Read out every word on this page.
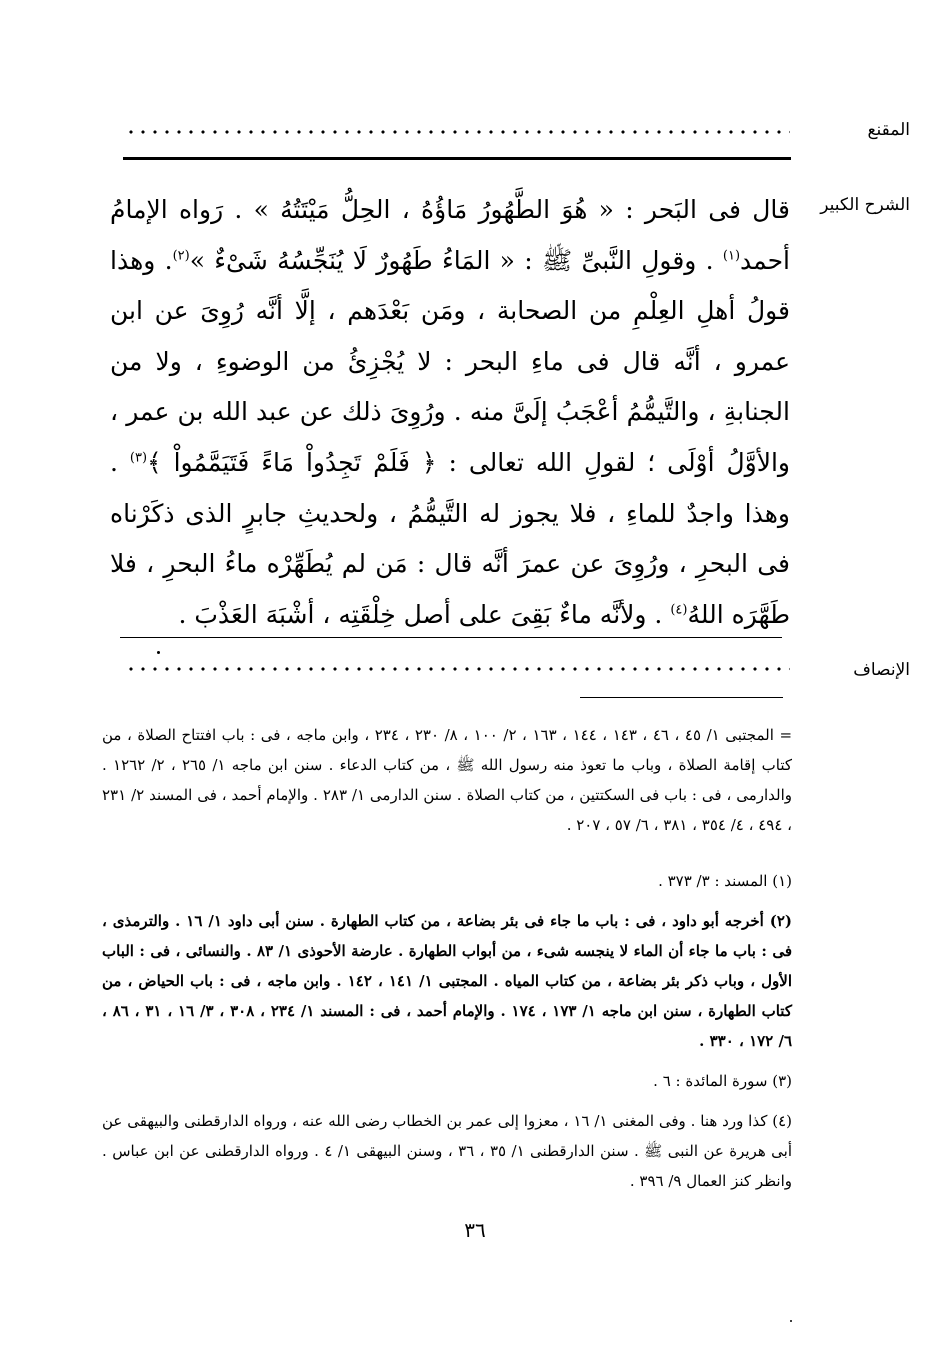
المقنع
الشرح الكبير

قال فى البَحر : « هُوَ الطَّهُورُ مَاؤُهُ ، الحِلُّ مَيْتَتُهُ » . رَواه الإمامُ أحمد$^{(١)}$ . وقولِ النَّبىِّ ﷺ : « المَاءُ طَهُورٌ لَا يُنَجِّسُهُ شَىْءٌ »$^{(٢)}$. وهذا قولُ أهلِ العِلْمِ من الصحابة ، ومَن بَعْدَهم ، إلَّا أنَّه رُوِىَ عن ابن عمرو ، أنَّه قال فى ماءِ البحر : لا يُجْزِئُ من الوضوءِ ، ولا من الجنابةِ ، والتَّيمُّمُ أعْجَبُ إلَىَّ منه . ورُوِىَ ذلك عن عبد الله بن عمر ، والأوَّلُ أوْلَى ؛ لقولِ الله تعالى : ﴿ فَلَمْ تَجِدُواْ مَاءً فَتَيَمَّمُواْ ﴾$^{(٣)}$ . وهذا واجدٌ للماءِ ، فلا يجوز له التَّيمُّمُ ، ولحديثِ جابرٍ الذى ذكَرْناه فى البحرِ ، ورُوِىَ عن عمرَ أنَّه قال : مَن لم يُطَهِّرْه ماءُ البحرِ ، فلا طَهَّرَه اللهُ$^{(٤)}$ . ولأنَّه ماءٌ بَقِىَ على أصل خِلْقَتِه ، أشْبَهَ العَذْبَ .

الإنصاف

= المجتبى ١/ ٤٥ ، ٤٦ ، ١٤٣ ، ١٤٤ ، ١٦٣ ، ٢/ ١٠٠ ، ٨/ ٢٣٠ ، ٢٣٤ ، وابن ماجه ، فى : باب افتتاح الصلاة ، من كتاب إقامة الصلاة ، وباب ما تعوذ منه رسول الله ﷺ ، من كتاب الدعاء . سنن ابن ماجه ١/ ٢٦٥ ، ٢/ ١٢٦٢ . والدارمى ، فى : باب فى السكتتين ، من كتاب الصلاة . سنن الدارمى ١/ ٢٨٣ . والإمام أحمد ، فى المسند ٢/ ٢٣١ ، ٤٩٤ ، ٤/ ٣٥٤ ، ٣٨١ ، ٦/ ٥٧ ، ٢٠٧ .

(١) المسند : ٣/ ٣٧٣ .

(٢) أخرجه أبو داود ، فى : باب ما جاء فى بئر بضاعة ، من كتاب الطهارة . سنن أبى داود ١/ ١٦ . والترمذى ، فى : باب ما جاء أن الماء لا ينجسه شىء ، من أبواب الطهارة . عارضة الأحوذى ١/ ٨٣ . والنسائى ، فى : الباب الأول ، وباب ذكر بئر بضاعة ، من كتاب المياه . المجتبى ١/ ١٤١ ، ١٤٢ . وابن ماجه ، فى : باب الحياض ، من كتاب الطهارة ، سنن ابن ماجه ١/ ١٧٣ ، ١٧٤ . والإمام أحمد ، فى : المسند ١/ ٢٣٤ ، ٣٠٨ ، ٣/ ١٦ ، ٣١ ، ٨٦ ، ٦/ ١٧٢ ، ٣٣٠ .

(٣) سورة المائدة : ٦ .

(٤) كذا ورد هنا . وفى المغنى ١/ ١٦ ، معزوا إلى عمر بن الخطاب رضى الله عنه ، ورواه الدارقطنى والبيهقى عن أبى هريرة عن النبى ﷺ . سنن الدارقطنى ١/ ٣٥ ، ٣٦ ، وسنن البيهقى ١/ ٤ . ورواه الدارقطنى عن ابن عباس . وانظر كنز العمال ٩/ ٣٩٦ .

٣٦
